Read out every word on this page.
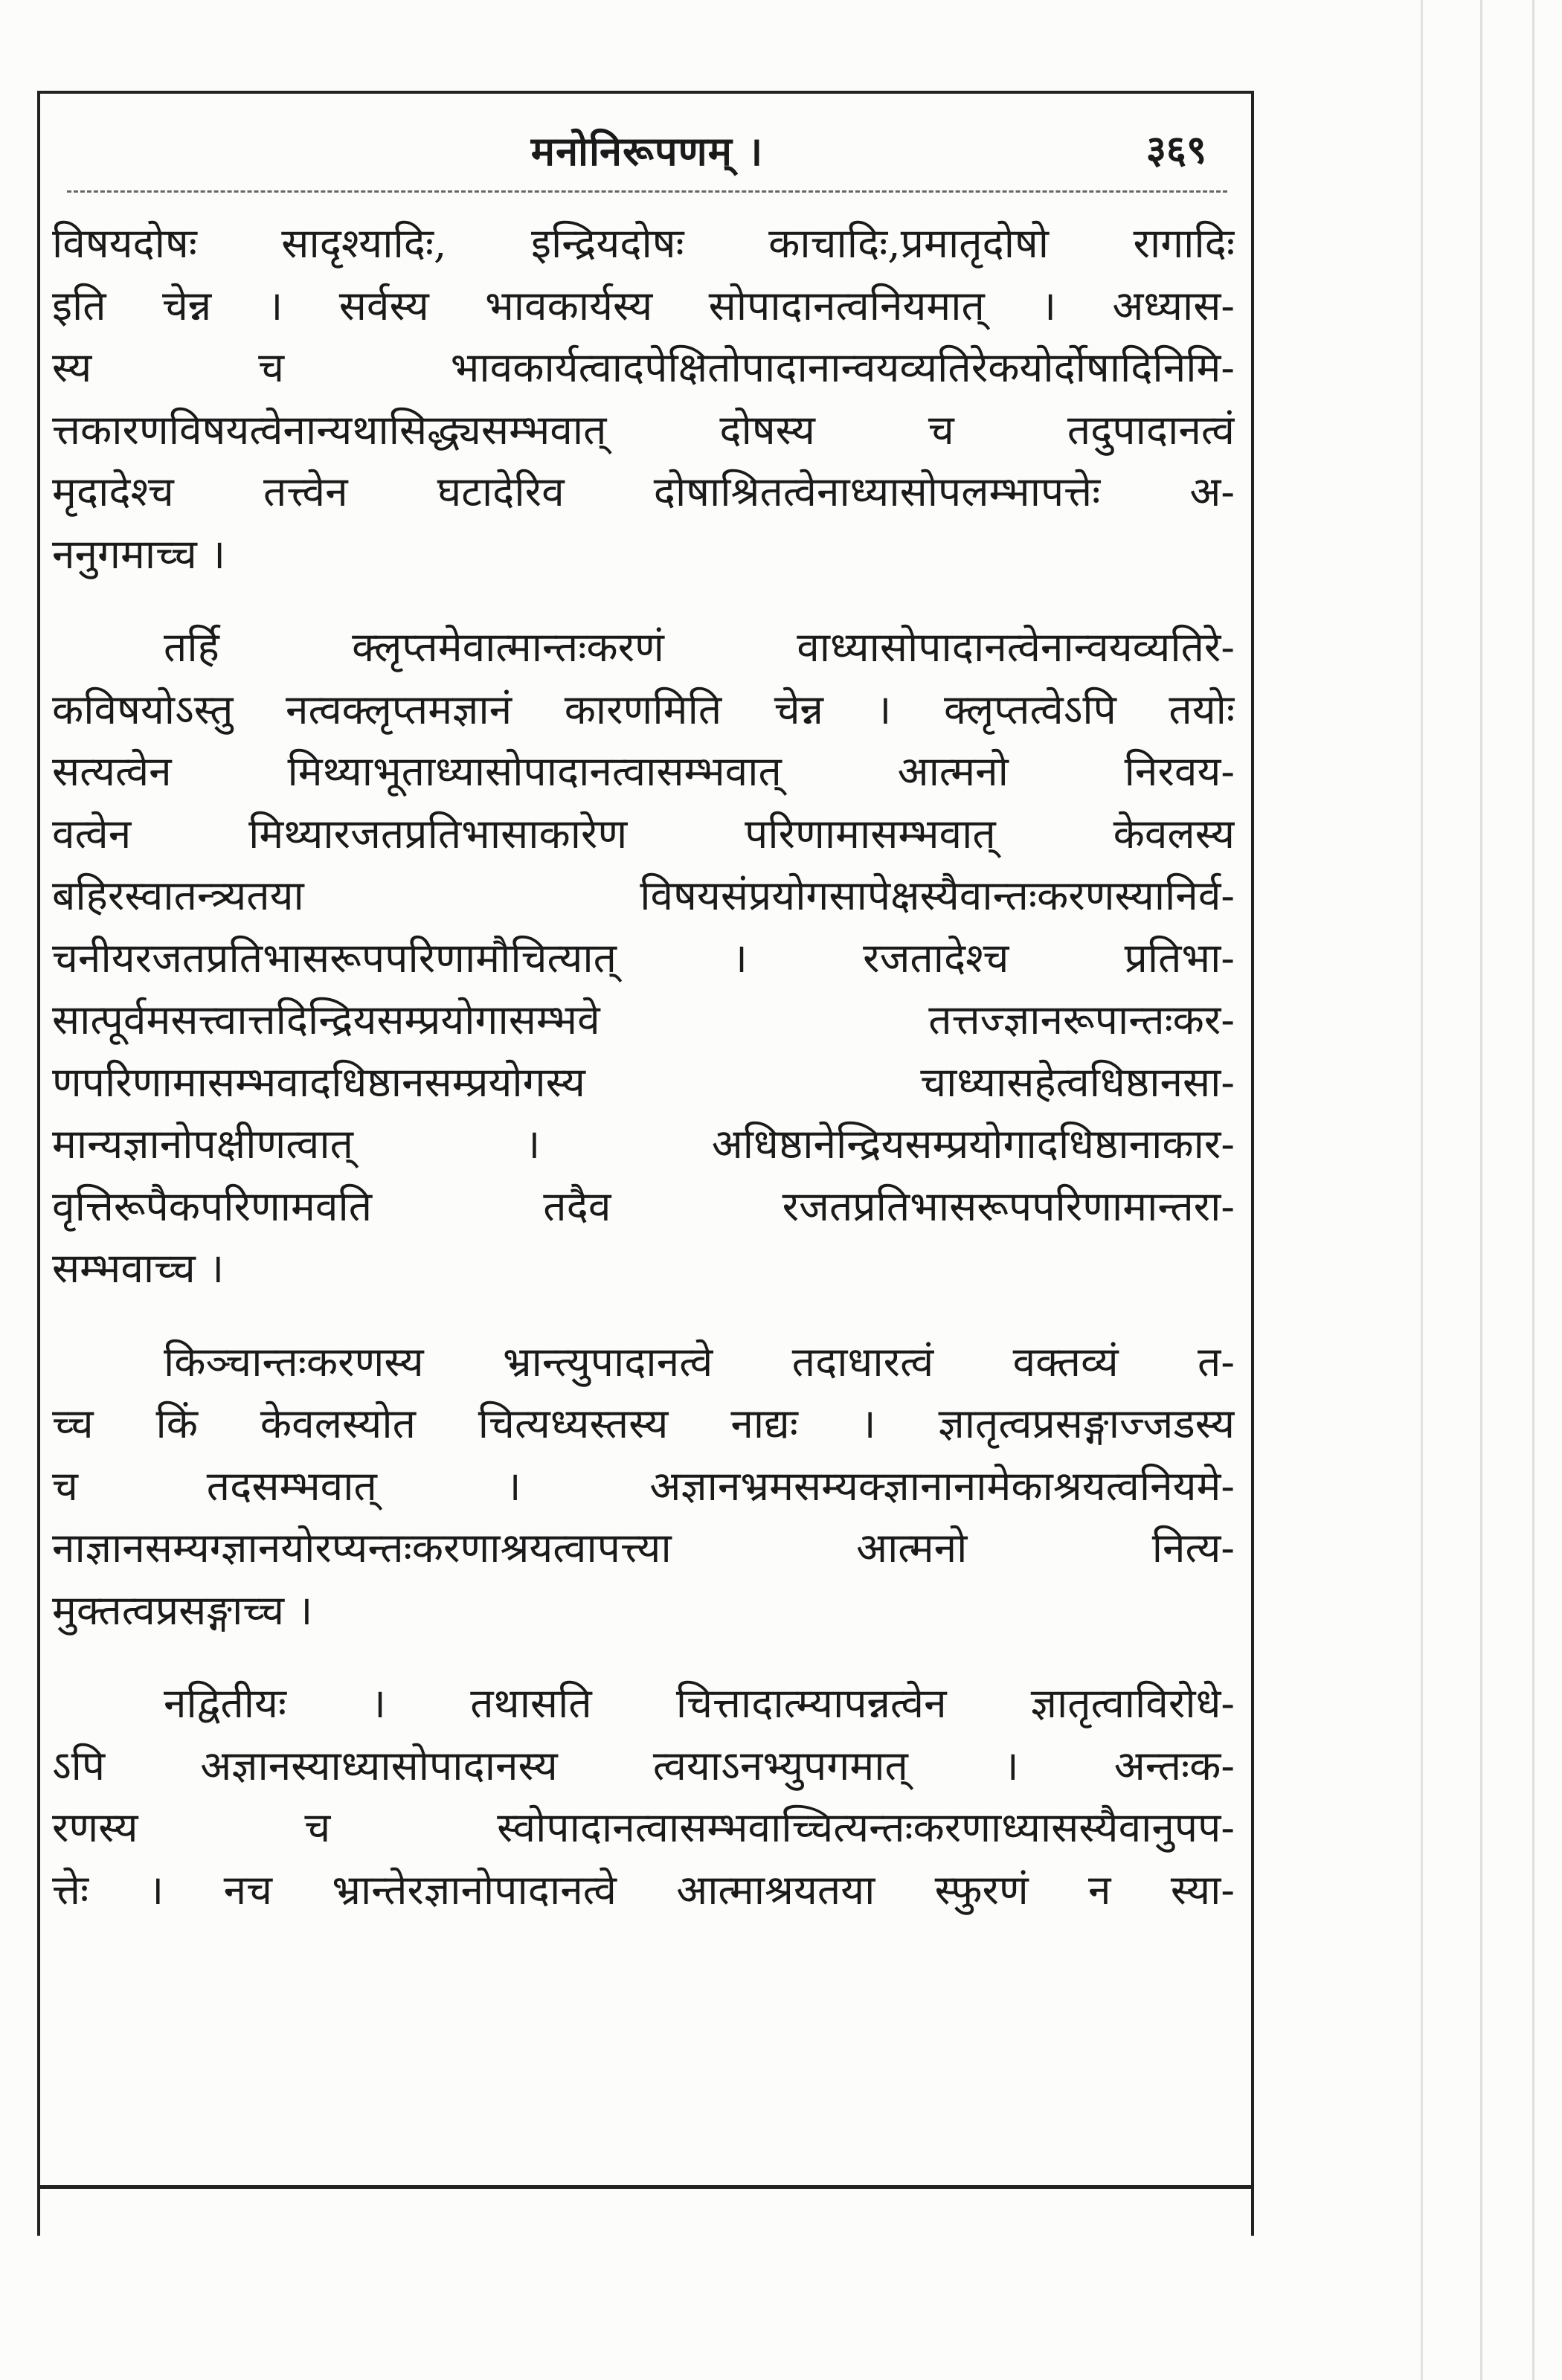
मनोनिरूपणम् ।	३६९
विषयदोषः सादृश्यादिः, इन्द्रियदोषः काचादिः,प्रमातृदोषो रागादिः
इति चेन्न । सर्वस्य भावकार्यस्य सोपादानत्वनियमात् । अध्यास-
स्य च भावकार्यत्वादपेक्षितोपादानान्वयव्यतिरेकयोर्दोषादिनिमि-
त्तकारणविषयत्वेनान्यथासिद्ध्यसम्भवात् दोषस्य च तदुपादानत्वं
मृदादेश्च तत्त्वेन घटादेरिव दोषाश्रितत्वेनाध्यासोपलम्भापत्तेः अ-
ननुगमाच्च ।
तर्हि क्लृप्तमेवात्मान्तःकरणं वाध्यासोपादानत्वेनान्वयव्यतिरे-
कविषयोऽस्तु नत्वक्लृप्तमज्ञानं कारणमिति चेन्न । क्लृप्तत्वेऽपि तयोः
सत्यत्वेन मिथ्याभूताध्यासोपादानत्वासम्भवात् आत्मनो निरवय-
वत्वेन मिथ्यारजतप्रतिभासाकारेण परिणामासम्भवात् केवलस्य
बहिरस्वातन्त्र्यतया विषयसंप्रयोगसापेक्षस्यैवान्तःकरणस्यानिर्व-
चनीयरजतप्रतिभासरूपपरिणामौचित्यात् । रजतादेश्च प्रतिभा-
सात्पूर्वमसत्त्वात्तदिन्द्रियसम्प्रयोगासम्भवे तत्तज्ज्ञानरूपान्तःकर-
णपरिणामासम्भवादधिष्ठानसम्प्रयोगस्य चाध्यासहेत्वधिष्ठानसा-
मान्यज्ञानोपक्षीणत्वात् । अधिष्ठानेन्द्रियसम्प्रयोगादधिष्ठानाकार-
वृत्तिरूपैकपरिणामवति तदैव रजतप्रतिभासरूपपरिणामान्तरा-
सम्भवाच्च ।
किञ्चान्तःकरणस्य भ्रान्त्युपादानत्वे तदाधारत्वं वक्तव्यं त-
च्च किं केवलस्योत चित्यध्यस्तस्य नाद्यः । ज्ञातृत्वप्रसङ्गाज्जडस्य
च तदसम्भवात् । अज्ञानभ्रमसम्यक्ज्ञानानामेकाश्रयत्वनियमे-
नाज्ञानसम्यग्ज्ञानयोरप्यन्तःकरणाश्रयत्वापत्त्या आत्मनो नित्य-
मुक्तत्वप्रसङ्गाच्च ।
नद्वितीयः । तथासति चित्तादात्म्यापन्नत्वेन ज्ञातृत्वाविरोधे-
ऽपि अज्ञानस्याध्यासोपादानस्य त्वयाऽनभ्युपगमात् । अन्तःक-
रणस्य च स्वोपादानत्वासम्भवाच्चित्यन्तःकरणाध्यासस्यैवानुपप-
त्तेः । नच भ्रान्तेरज्ञानोपादानत्वे आत्माश्रयतया स्फुरणं न स्या-
